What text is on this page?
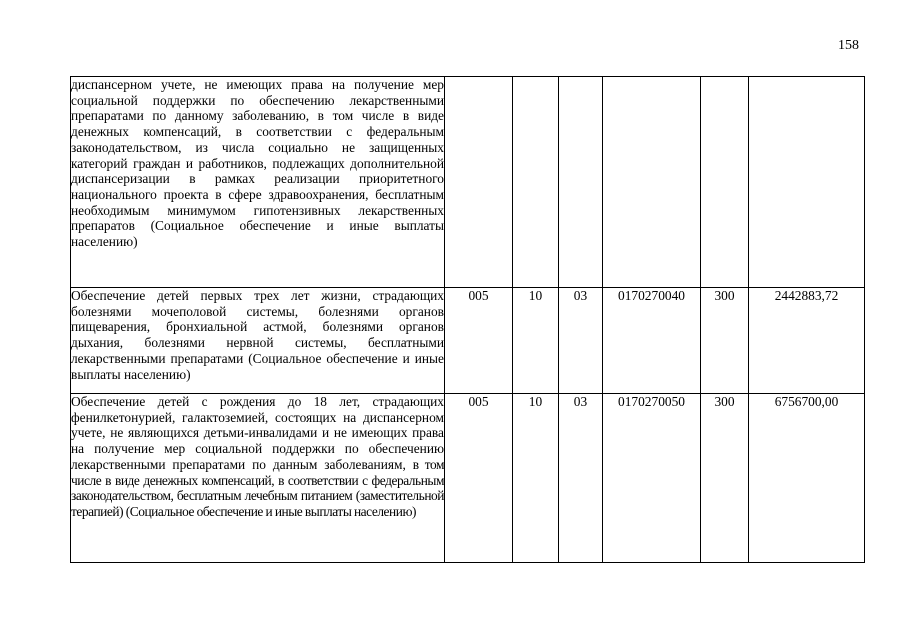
158
диспансерном учете, не имеющих права на получение мер социальной поддержки по обеспечению лекарственными препаратами по данному заболеванию, в том числе в виде денежных компенсаций, в соответствии с федеральным законодательством, из числа социально не защищенных категорий граждан и работников, подлежащих дополнительной диспансеризации в рамках реализации приоритетного национального проекта в сфере здравоохранения, бесплатным необходимым минимумом гипотензивных лекарственных препаратов (Социальное обеспечение и иные выплаты населению)						
Обеспечение детей первых трех лет жизни, страдающих болезнями мочеполовой системы, болезнями органов пищеварения, бронхиальной астмой, болезнями органов дыхания, болезнями нервной системы, бесплатными лекарственными препаратами (Социальное обеспечение и иные выплаты населению)	005	10	03	0170270040	300	2442883,72
Обеспечение детей с рождения до 18 лет, страдающих фенилкетонурией, галактоземией, состоящих на диспансерном учете, не являющихся детьми-инвалидами и не имеющих права на получение мер социальной поддержки по обеспечению лекарственными препаратами по данным заболеваниям, в том числе в виде денежных компенсаций, в соответствии с федеральным законодательством, бесплатным лечебным питанием (заместительной терапией) (Социальное обеспечение и иные выплаты населению)	005	10	03	0170270050	300	6756700,00
